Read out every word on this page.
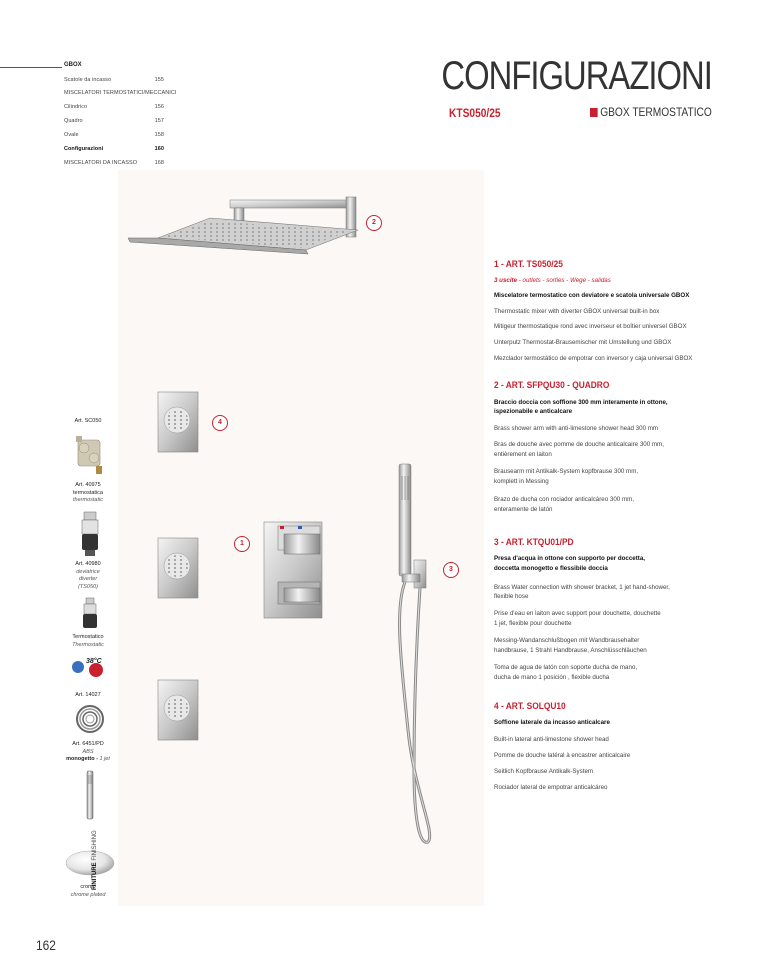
GBOX
Scatole da incasso	155
MISCELATORI TERMOSTATICI/MECCANICI
Cilindrico	156
Quadro	157
Ovale	158
Configurazioni	160
MISCELATORI DA INCASSO	168
CONFIGURAZIONI
KTS050/25	GBOX TERMOSTATICO
2
4
1
3
Art. SC050
Art. 40975
termostatica
thermostatic
Art. 40980
deviatrice
diverter
(TS050)
Termostatico
Thermostatic
38°C
Art. 14027
Art. 6451/PD
ABS
monogetto - 1 jet
cromo
chrome plated
FINITURE FINISHING
1 - ART. TS050/25
3 uscite - outlets - sorties - Wege - salidas
Miscelatore termostatico con deviatore e scatola universale GBOX
Thermostatic mixer with diverter GBOX universal built-in box
Mitigeur thermostatique rond avec inverseur et boîtier universel GBOX
Unterputz Thermostat-Brausemischer mit Umstellung und GBOX
Mezclador termostático de empotrar con inversor y caja universal GBOX
2 - ART. SFPQU30 - QUADRO
Braccio doccia con soffione 300 mm interamente in ottone,
ispezionabile e anticalcare
Brass shower arm with anti-limestone shower head 300 mm
Bras de douche avec pomme de douche anticalcaire 300 mm,
entièrement en laiton
Brausearm mit Antikalk-System kopfbrause 300 mm,
komplett in Messing
Brazo de ducha con rociador anticalcáreo 300 mm,
enteramente de latón
3 - ART. KTQU01/PD
Presa d'acqua in ottone con supporto per doccetta,
doccetta monogetto e flessibile doccia
Brass Water connection with shower bracket, 1 jet hand-shower,
flexible hose
Prise d'eau en laiton avec support pour douchette, douchette
1 jet, flexible pour douchette
Messing-Wandanschlußbogen mit Wandbrausehalter
handbrause, 1 StrahI Handbrause, Anschlüsschläuchen
Toma de agua de latón con soporte ducha de mano,
ducha de mano 1 posición , flexible ducha
4 - ART. SOLQU10
Soffione laterale da incasso anticalcare
Built-in lateral anti-limestone shower head
Pomme de douche latéral à encastrer anticalcaire
Seitlich Kopfbrause Antikalk-System
Rociador lateral de empotrar anticalcáreo
162
